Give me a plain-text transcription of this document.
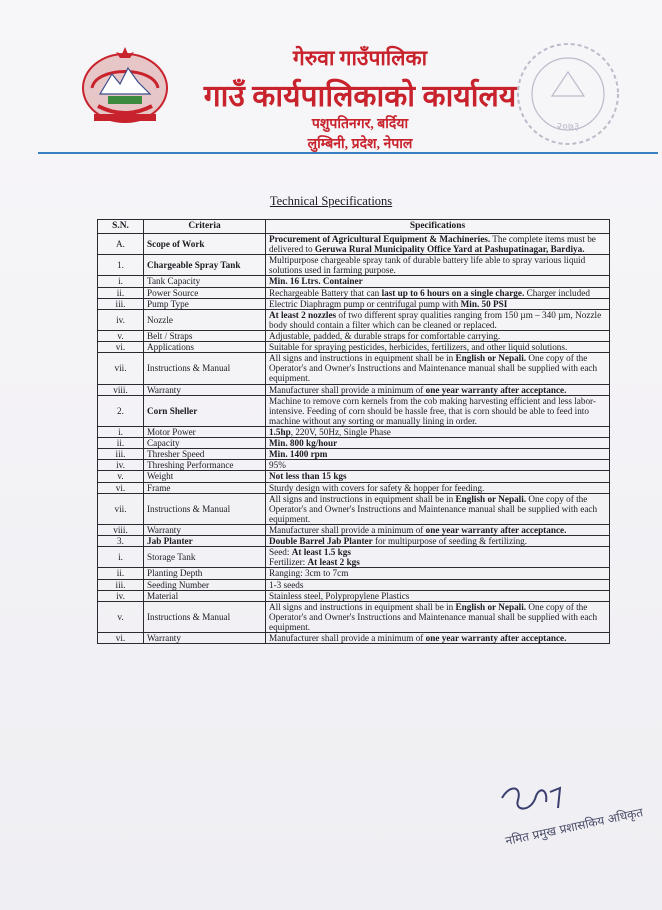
गेरुवा गाउँपालिका
गाउँ कार्यपालिकाको कार्यालय
पशुपतिनगर, बर्दिया
लुम्बिनी, प्रदेश, नेपाल
२०७३
Technical Specifications
S.N.	Criteria	Specifications
A.	Scope of Work	Procurement of Agricultural Equipment & Machineries. The complete items must be delivered to Geruwa Rural Municipality Office Yard at Pashupatinagar, Bardiya.
1.	Chargeable Spray Tank	Multipurpose chargeable spray tank of durable battery life able to spray various liquid solutions used in farming purpose.
i.	Tank Capacity	Min. 16 Ltrs. Container
ii.	Power Source	Rechargeable Battery that can last up to 6 hours on a single charge. Charger included
iii.	Pump Type	Electric Diaphragm pump or centrifugal pump with Min. 50 PSI
iv.	Nozzle	At least 2 nozzles of two different spray qualities ranging from 150 µm – 340 µm, Nozzle body should contain a filter which can be cleaned or replaced.
v.	Belt / Straps	Adjustable, padded, & durable straps for comfortable carrying.
vi.	Applications	Suitable for spraying pesticides, herbicides, fertilizers, and other liquid solutions.
vii.	Instructions & Manual	All signs and instructions in equipment shall be in English or Nepali. One copy of the Operator's and Owner's Instructions and Maintenance manual shall be supplied with each equipment.
viii.	Warranty	Manufacturer shall provide a minimum of one year warranty after acceptance.
2.	Corn Sheller	Machine to remove corn kernels from the cob making harvesting efficient and less labor-intensive. Feeding of corn should be hassle free, that is corn should be able to feed into machine without any sorting or manually lining in order.
i.	Motor Power	1.5hp, 220V, 50Hz, Single Phase
ii.	Capacity	Min. 800 kg/hour
iii.	Thresher Speed	Min. 1400 rpm
iv.	Threshing Performance	95%
v.	Weight	Not less than 15 kgs
vi.	Frame	Sturdy design with covers for safety & hopper for feeding.
vii.	Instructions & Manual	All signs and instructions in equipment shall be in English or Nepali. One copy of the Operator's and Owner's Instructions and Maintenance manual shall be supplied with each equipment.
viii.	Warranty	Manufacturer shall provide a minimum of one year warranty after acceptance.
3.	Jab Planter	Double Barrel Jab Planter for multipurpose of seeding & fertilizing.
i.	Storage Tank	Seed: At least 1.5 kgs
Fertilizer: At least 2 kgs
ii.	Planting Depth	Ranging: 3cm to 7cm
iii.	Seeding Number	1-3 seeds
iv.	Material	Stainless steel, Polypropylene Plastics
v.	Instructions & Manual	All signs and instructions in equipment shall be in English or Nepali. One copy of the Operator's and Owner's Instructions and Maintenance manual shall be supplied with each equipment.
vi.	Warranty	Manufacturer shall provide a minimum of one year warranty after acceptance.
नमित प्रमुख प्रशासकिय अधिकृत
